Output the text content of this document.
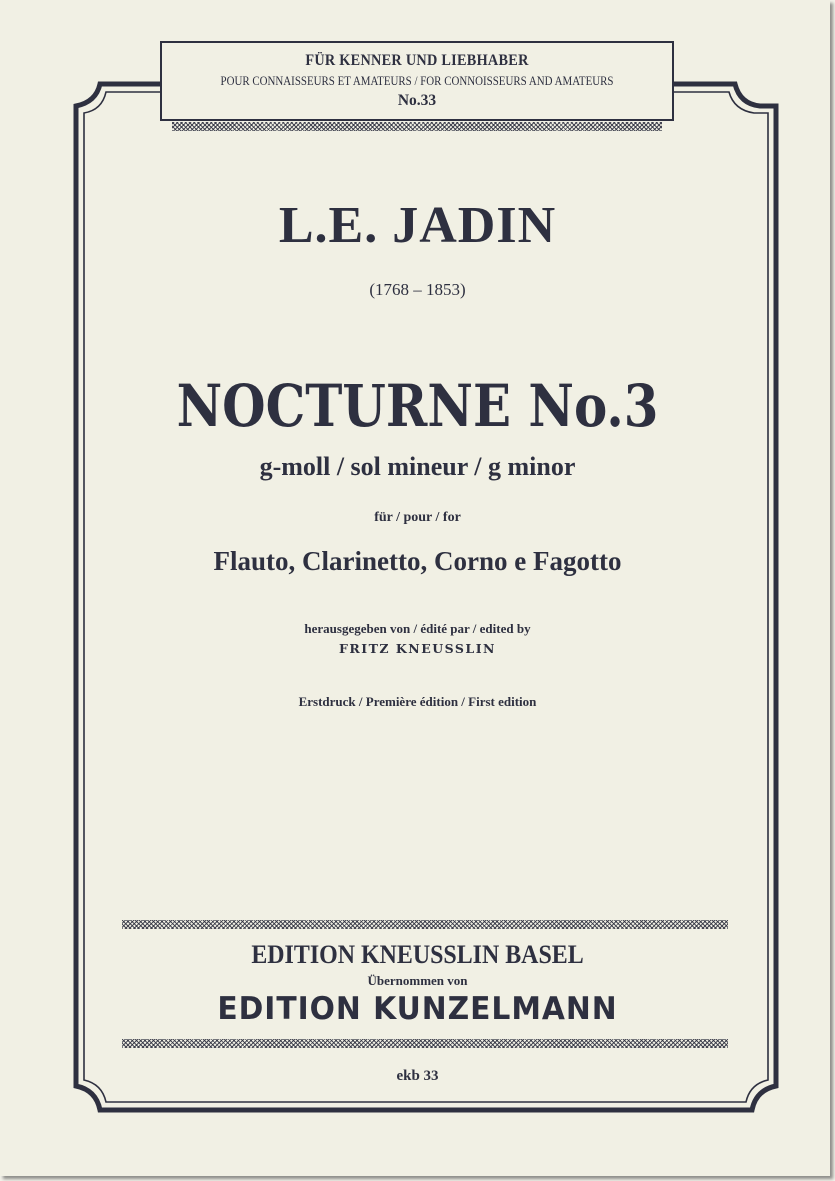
FÜR KENNER UND LIEBHABER
POUR CONNAISSEURS ET AMATEURS / FOR CONNOISSEURS AND AMATEURS
No.33
L.E. JADIN
(1768 – 1853)
NOCTURNE No.3
g-moll / sol mineur / g minor
für / pour / for
Flauto, Clarinetto, Corno e Fagotto
herausgegeben von / édité par / edited by
FRITZ KNEUSSLIN
Erstdruck / Première édition / First edition
EDITION KNEUSSLIN BASEL
Übernommen von
EDITION KUNZELMANN
ekb 33
